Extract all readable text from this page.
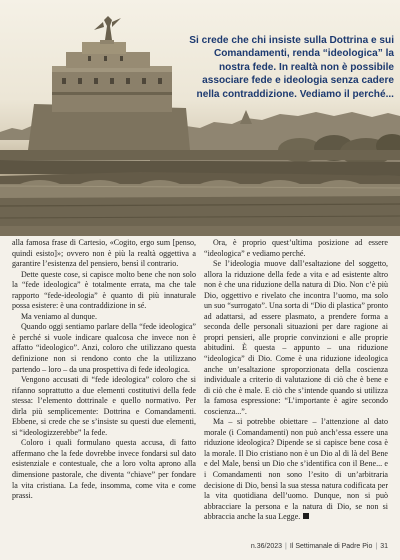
Si crede che chi insiste sulla Dottrina e sui Comandamenti, renda “ideologica” la nostra fede. In realtà non è possibile associare fede e ideologia senza cadere nella contraddizione. Vediamo il perché...

alla famosa frase di Cartesio, «Cogito, ergo sum [penso, quindi esisto]»; ovvero non è più la realtà oggettiva a garantire l’esistenza del pensiero, bensì il contrario.

Dette queste cose, si capisce molto bene che non solo la “fede ideologica” è totalmente errata, ma che tale rapporto “fede-ideologia” è quanto di più innaturale possa esistere: è una contraddizione in sé.

Ma veniamo al dunque.

Quando oggi sentiamo parlare della “fede ideologica” è perché si vuole indicare qualcosa che invece non è affatto “ideologico”. Anzi, coloro che utilizzano questa definizione non si rendono conto che la utilizzano partendo – loro – da una prospettiva di fede ideologica.

Vengono accusati di “fede ideologica” coloro che si rifanno soprattutto a due elementi costitutivi della fede stessa: l’elemento dottrinale e quello normativo. Per dirla più semplicemente: Dottrina e Comandamenti. Ebbene, si crede che se s’insiste su questi due elementi, si “ideologizzerebbe” la fede.

Coloro i quali formulano questa accusa, di fatto affermano che la fede dovrebbe invece fondarsi sul dato esistenziale e contestuale, che a loro volta aprono alla dimensione pastorale, che diventa “chiave” per fondare la vita cristiana. La fede, insomma, come vita e come prassi.

Ora, è proprio quest’ultima posizione ad essere “ideologica” e vediamo perché.

Se l’ideologia muove dall’esaltazione del soggetto, allora la riduzione della fede a vita e ad esistente altro non è che una riduzione della natura di Dio. Non c’è più Dio, oggettivo e rivelato che incontra l’uomo, ma solo un suo “surrogato”. Una sorta di “Dio di plastica” pronto ad adattarsi, ad essere plasmato, a prendere forma a seconda delle personali situazioni per dare ragione ai propri pensieri, alle proprie convinzioni e alle proprie abitudini. È questa – appunto – una riduzione “ideologica” di Dio. Come è una riduzione ideologica anche un’esaltazione sproporzionata della coscienza individuale a criterio di valutazione di ciò che è bene e di ciò che è male. E ciò che s’intende quando si utilizza la famosa espressione: “L’importante è agire secondo coscienza...”.

Ma – si potrebbe obiettare – l’attenzione al dato morale (i Comandamenti) non può anch’essa essere una riduzione ideologica? Dipende se si capisce bene cosa è la morale. Il Dio cristiano non è un Dio al di là del Bene e del Male, bensì un Dio che s’identifica con il Bene... e i Comandamenti non sono l’esito di un’arbitraria decisione di Dio, bensì la sua stessa natura codificata per la vita quotidiana dell’uomo. Dunque, non si può abbracciare la persona e la natura di Dio, se non si abbraccia anche la sua Legge.

n.36/2023 | Il Settimanale di Padre Pio | 31
